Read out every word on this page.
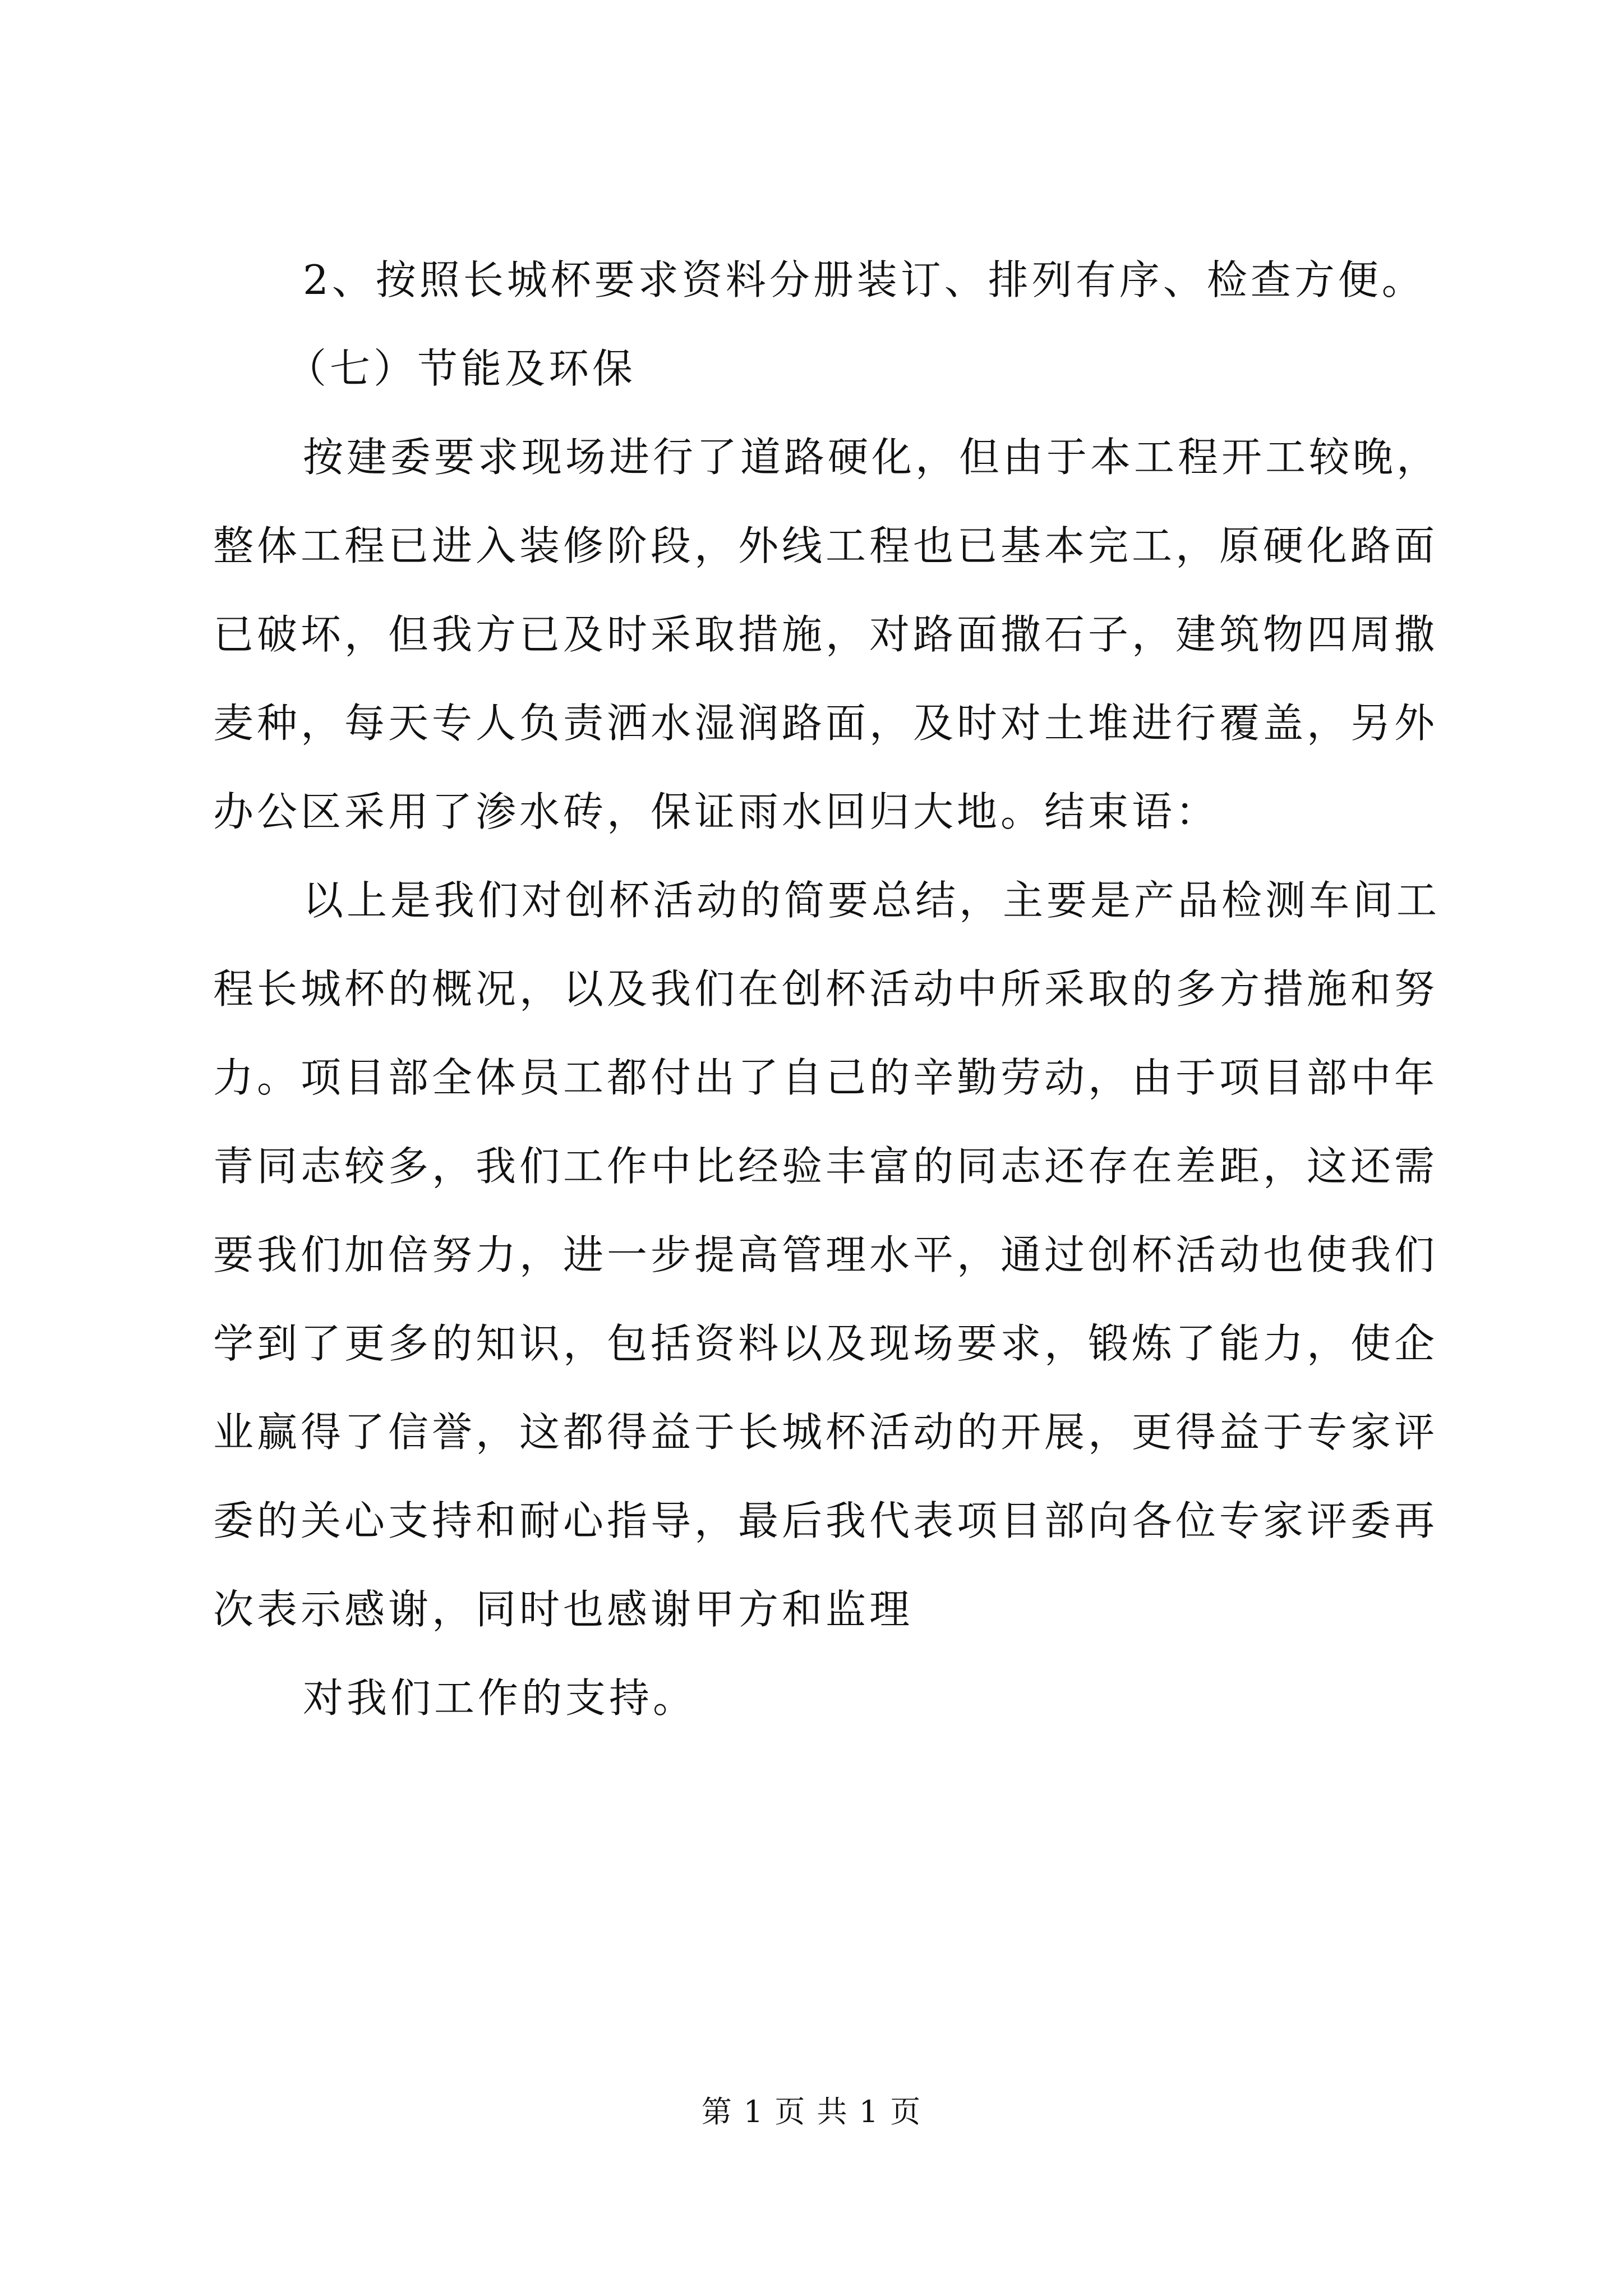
2、按照长城杯要求资料分册装订、排列有序、检查方便。
（七）节能及环保
按建委要求现场进行了道路硬化，但由于本工程开工较晚，
整体工程已进入装修阶段，外线工程也已基本完工，原硬化路面
已破坏，但我方已及时采取措施，对路面撒石子，建筑物四周撒
麦种，每天专人负责洒水湿润路面，及时对土堆进行覆盖，另外
办公区采用了渗水砖，保证雨水回归大地。结束语：
以上是我们对创杯活动的简要总结，主要是产品检测车间工
程长城杯的概况，以及我们在创杯活动中所采取的多方措施和努
力。项目部全体员工都付出了自己的辛勤劳动，由于项目部中年
青同志较多，我们工作中比经验丰富的同志还存在差距，这还需
要我们加倍努力，进一步提高管理水平，通过创杯活动也使我们
学到了更多的知识，包括资料以及现场要求，锻炼了能力，使企
业赢得了信誉，这都得益于长城杯活动的开展，更得益于专家评
委的关心支持和耐心指导，最后我代表项目部向各位专家评委再
次表示感谢，同时也感谢甲方和监理
对我们工作的支持。
第 1 页 共 1 页
